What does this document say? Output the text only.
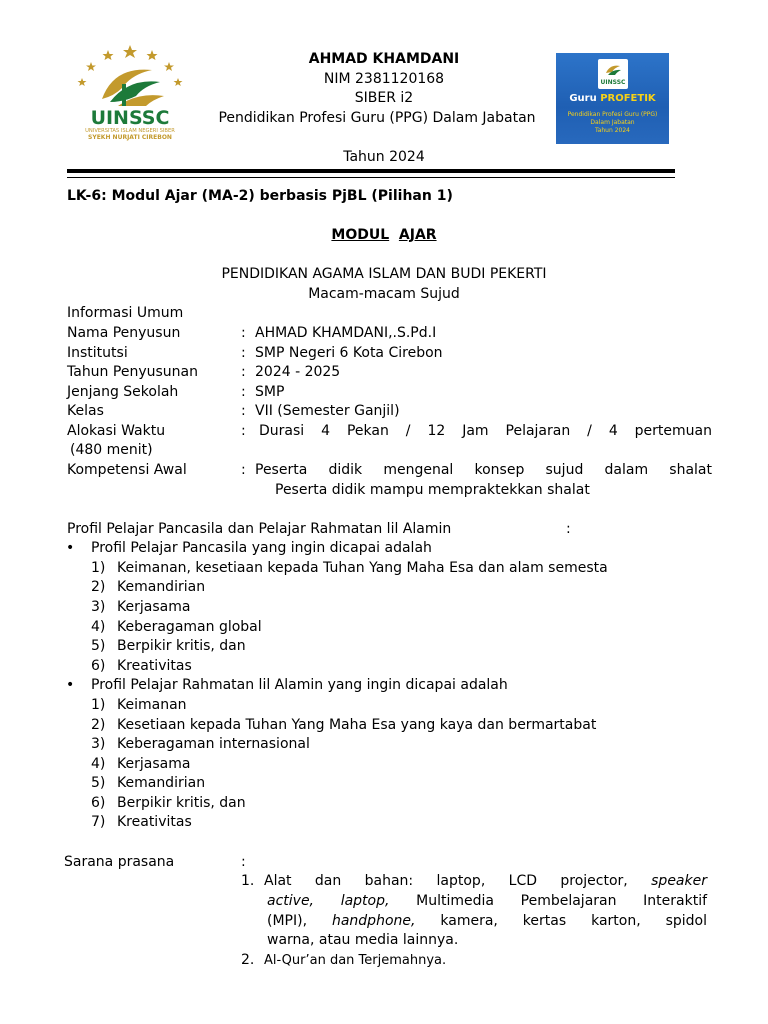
UINSSC
UNIVERSITAS ISLAM NEGERI SIBER
SYEKH NURJATI CIREBON
AHMAD KHAMDANI
NIM 2381120168
SIBER i2
Pendidikan Profesi Guru (PPG) Dalam Jabatan
Tahun 2024
UINSSC
Guru PROFETIK
Pendidikan Profesi Guru (PPG)
Dalam Jabatan
Tahun 2024
LK-6: Modul Ajar (MA-2) berbasis PjBL (Pilihan 1)
MODUL AJAR
PENDIDIKAN AGAMA ISLAM DAN BUDI PEKERTI
Macam-macam Sujud
Informasi Umum
Nama Penyusun	: AHMAD KHAMDANI,.S.Pd.I
Institutsi	: SMP Negeri 6 Kota Cirebon
Tahun Penyusunan	: 2024 - 2025
Jenjang Sekolah	: SMP
Kelas	: VII (Semester Ganjil)
Alokasi Waktu	: Durasi 4 Pekan / 12 Jam Pelajaran / 4 pertemuan
(480 menit)
Kompetensi Awal	: Peserta didik mengenal konsep sujud dalam shalat
Peserta didik mampu mempraktekkan shalat
Profil Pelajar Pancasila dan Pelajar Rahmatan lil Alamin	:
• Profil Pelajar Pancasila yang ingin dicapai adalah
1) Keimanan, kesetiaan kepada Tuhan Yang Maha Esa dan alam semesta
2) Kemandirian
3) Kerjasama
4) Keberagaman global
5) Berpikir kritis, dan
6) Kreativitas
• Profil Pelajar Rahmatan lil Alamin yang ingin dicapai adalah
1) Keimanan
2) Kesetiaan kepada Tuhan Yang Maha Esa yang kaya dan bermartabat
3) Keberagaman internasional
4) Kerjasama
5) Kemandirian
6) Berpikir kritis, dan
7) Kreativitas
Sarana prasana	:
1. Alat dan bahan: laptop, LCD projector, speaker
active, laptop, Multimedia Pembelajaran Interaktif
(MPI), handphone, kamera, kertas karton, spidol
warna, atau media lainnya.
2. Al-Qur’an dan Terjemahnya.
